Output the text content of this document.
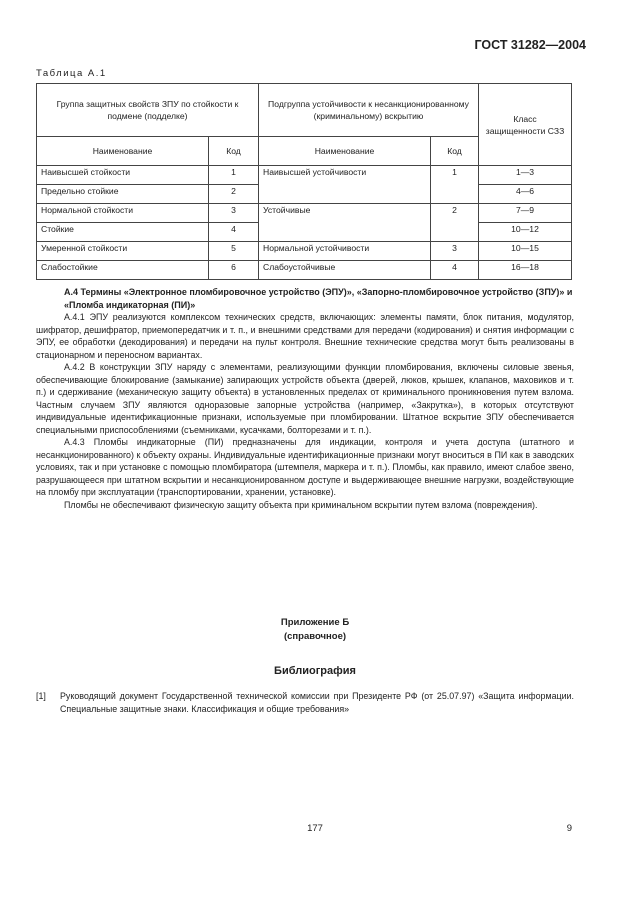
ГОСТ 31282—2004
Таблица А.1
Группа защитных свойств ЗПУ по стойкости к подмене (подделке)		Подгруппа устойчивости к несанкционированному (криминальному) вскрытию		Класс защищенности СЗЗ
Наименование	Код	Наименование	Код	
Наивысшей стойкости	1	Наивысшей устойчивости	1	1—3
Предельно стойкие	2			4—6
Нормальной стойкости	3	Устойчивые	2	7—9
Стойкие	4			10—12
Умеренной стойкости	5	Нормальной устойчивости	3	10—15
Слабостойкие	6	Слабоустойчивые	4	16—18
А.4 Термины «Электронное пломбировочное устройство (ЭПУ)», «Запорно-пломбировочное устройство (ЗПУ)» и «Пломба индикаторная (ПИ)»

А.4.1 ЭПУ реализуются комплексом технических средств, включающих: элементы памяти, блок питания, модулятор, шифратор, дешифратор, приемопередатчик и т. п., и внешними средствами для передачи (кодирования) и снятия информации с ЭПУ, ее обработки (декодирования) и передачи на пульт контроля. Внешние технические средства могут быть реализованы в стационарном и переносном вариантах.

А.4.2 В конструкции ЗПУ наряду с элементами, реализующими функции пломбирования, включены силовые звенья, обеспечивающие блокирование (замыкание) запирающих устройств объекта (дверей, люков, крышек, клапанов, маховиков и т. п.) и сдерживание (механическую защиту объекта) в установленных пределах от криминального проникновения путем взлома. Частным случаем ЗПУ являются одноразовые запорные устройства (например, «Закрутка»), в которых отсутствуют индивидуальные идентификационные признаки, используемые при пломбировании. Штатное вскрытие ЗПУ обеспечивается специальными приспособлениями (съемниками, кусачками, болторезами и т. п.).

А.4.3 Пломбы индикаторные (ПИ) предназначены для индикации, контроля и учета доступа (штатного и несанкционированного) к объекту охраны. Индивидуальные идентификационные признаки могут вноситься в ПИ как в заводских условиях, так и при установке с помощью пломбиратора (штемпеля, маркера и т. п.). Пломбы, как правило, имеют слабое звено, разрушающееся при штатном вскрытии и несанкционированном доступе и выдерживающее внешние нагрузки, воздействующие на пломбу при эксплуатации (транспортировании, хранении, установке).

Пломбы не обеспечивают физическую защиту объекта при криминальном вскрытии путем взлома (повреждения).

Приложение Б
(справочное)
Библиография
[1] Руководящий документ Государственной технической комиссии при Президенте РФ (от 25.07.97) «Защита информации. Специальные защитные знаки. Классификация и общие требования»
177	9
